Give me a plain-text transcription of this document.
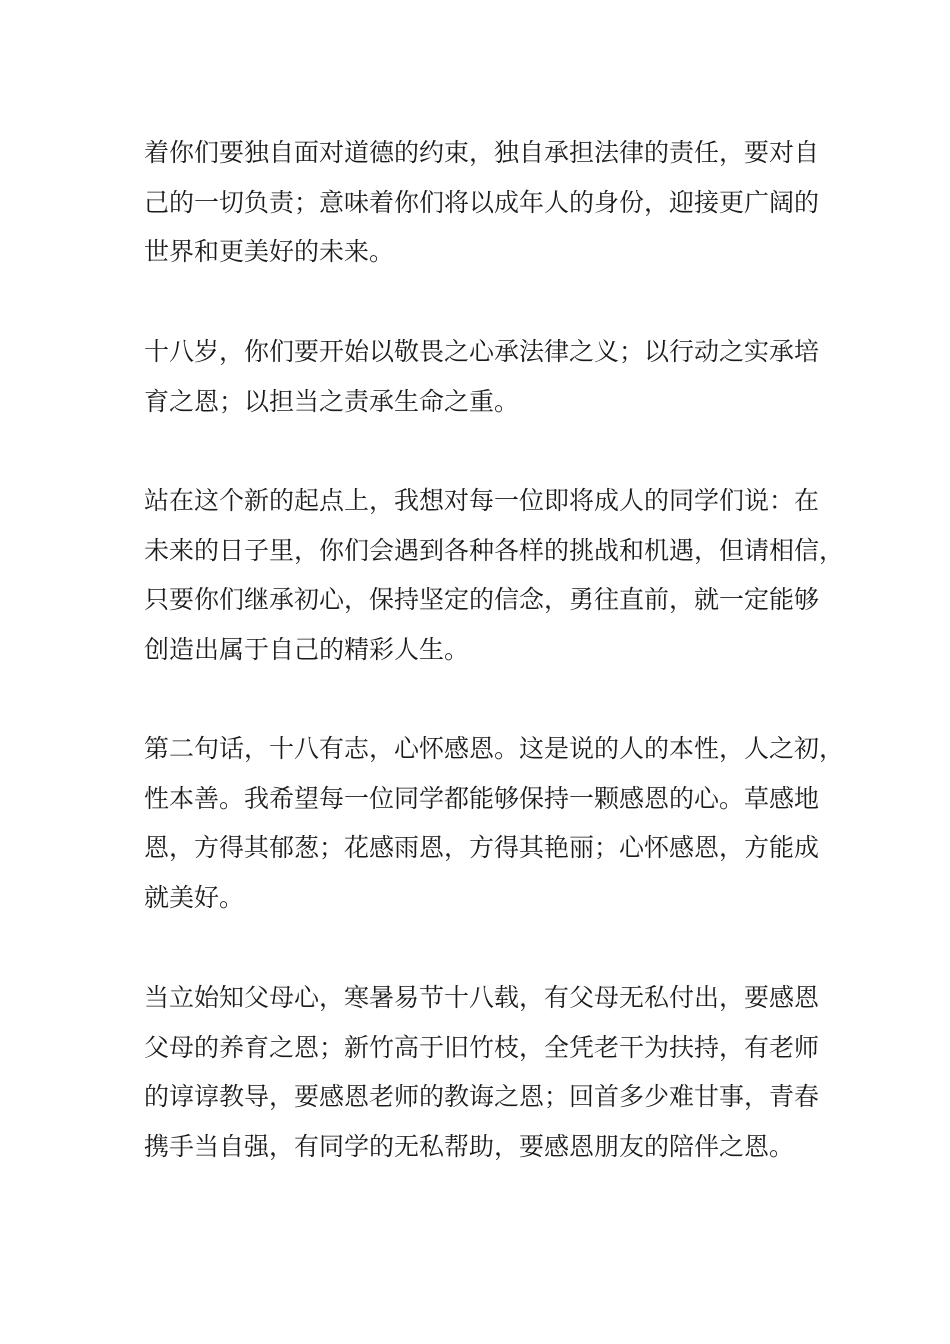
着你们要独自面对道德的约束，独自承担法律的责任，要对自
己的一切负责；意味着你们将以成年人的身份，迎接更广阔的
世界和更美好的未来。

十八岁，你们要开始以敬畏之心承法律之义；以行动之实承培
育之恩；以担当之责承生命之重。

站在这个新的起点上，我想对每一位即将成人的同学们说：在
未来的日子里，你们会遇到各种各样的挑战和机遇，但请相信，
只要你们继承初心，保持坚定的信念，勇往直前，就一定能够
创造出属于自己的精彩人生。

第二句话，十八有志，心怀感恩。这是说的人的本性，人之初，
性本善。我希望每一位同学都能够保持一颗感恩的心。草感地
恩，方得其郁葱；花感雨恩，方得其艳丽；心怀感恩，方能成
就美好。

当立始知父母心，寒暑易节十八载，有父母无私付出，要感恩
父母的养育之恩；新竹高于旧竹枝，全凭老干为扶持，有老师
的谆谆教导，要感恩老师的教诲之恩；回首多少难甘事，青春
携手当自强，有同学的无私帮助，要感恩朋友的陪伴之恩。
